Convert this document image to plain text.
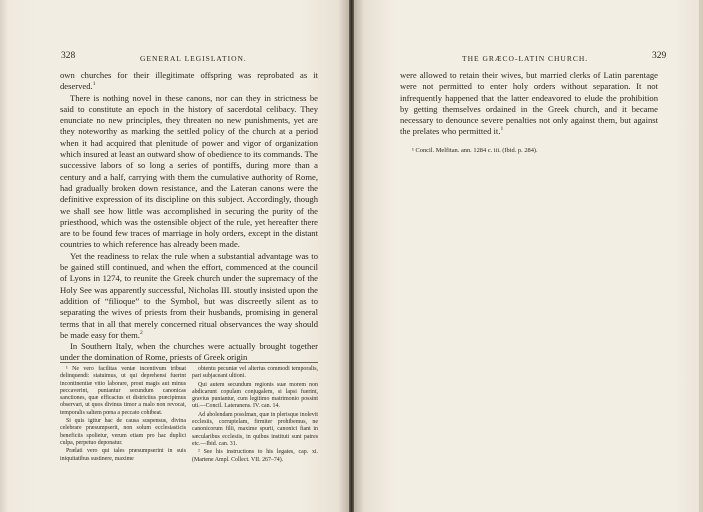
328	GENERAL LEGISLATION.

own churches for their illegitimate offspring was reprobated as it deserved.$^1$

There is nothing novel in these canons, nor can they in strictness be said to constitute an epoch in the history of sacerdotal celibacy. They enunciate no new principles, they threaten no new punishments, yet are they noteworthy as marking the settled policy of the church at a period when it had acquired that plenitude of power and vigor of organization which insured at least an outward show of obedience to its commands. The successive labors of so long a series of pontiffs, during more than a century and a half, carrying with them the cumulative authority of Rome, had gradually broken down resistance, and the Lateran canons were the definitive expression of its discipline on this subject. Accordingly, though we shall see how little was accomplished in securing the purity of the priesthood, which was the ostensible object of the rule, yet hereafter there are to be found few traces of marriage in holy orders, except in the distant countries to which reference has already been made.

Yet the readiness to relax the rule when a substantial advantage was to be gained still continued, and when the effort, commenced at the council of Lyons in 1274, to reunite the Greek church under the supremacy of the Holy See was apparently successful, Nicholas III. stoutly insisted upon the addition of “filioque” to the Symbol, but was discreetly silent as to separating the wives of priests from their husbands, promising in general terms that in all that merely concerned ritual observances the way should be made easy for them.$^2$

In Southern Italy, when the churches were actually brought together under the domination of Rome, priests of Greek origin

¹ Ne vero facilitas veniæ incentivum tribuat delinquendi: statuimus, ut qui deprehensi fuerint incontinentiæ vitio laborare, prout magis aut minus peccaverint, puniantur secundum canonicas sanctiones, quæ efficacius et districtius præcipimus observari, ut quos divinus timor a malo non revocat, temporalis saltem pœna a peccato cohibeat.

Si quis igitur hac de causa suspensus, divina celebrare præsumpserit, non solum ecclesiasticis beneficiis spolietur, verum etiam pro hac duplici culpa, perpetuo deponatur.

Prælati vero qui tales præsumpserint in suis iniquitatibus sustinere, maxime

obtentu pecuniæ vel alterius commodi temporalis, pari subjaceant ultioni.

Qui autem secundum regionis suæ morem non abdicarunt copulam conjugalem, si lapsi fuerint, gravius puniantur, cum legitimo matrimonio possint uti.—Concil. Lateranens. IV. can. 14.

Ad abolendam posslman, quæ in plerisque inolevit ecclesiis, corruptelam, firmiter prohibemus, ne canonicorum filii, maxime spurii, canonici fiant in sæcularibus ecclesiis, in quibus instituti sunt patres etc.—Ibid. can. 31.

² See his instructions to his legates, cap. xi. (Martene Ampl. Collect. VII. 267–74).

THE GRÆCO-LATIN CHURCH.	329

were allowed to retain their wives, but married clerks of Latin parentage were not permitted to enter holy orders without separation. It not infrequently happened that the latter endeavored to elude the prohibition by getting themselves ordained in the Greek church, and it became necessary to denounce severe penalties not only against them, but against the prelates who permitted it.$^1$

¹ Concil. Melfitan. ann. 1284 c. iii. (Ibid. p. 284).
